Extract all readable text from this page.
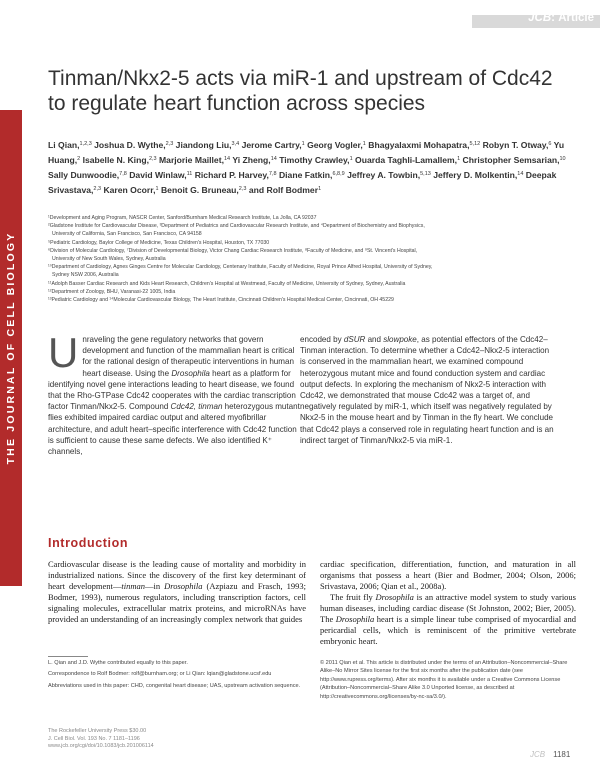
JCB: Article
THE JOURNAL OF CELL BIOLOGY
Tinman/Nkx2-5 acts via miR-1 and upstream of Cdc42 to regulate heart function across species
Li Qian,$^{1,2,3}$ Joshua D. Wythe,$^{2,3}$ Jiandong Liu,$^{3,4}$ Jerome Cartry,$^1$ Georg Vogler,$^1$ Bhagyalaxmi Mohapatra,$^{5,12}$ Robyn T. Otway,$^6$ Yu Huang,$^2$ Isabelle N. King,$^{2,3}$ Marjorie Maillet,$^{14}$ Yi Zheng,$^{14}$ Timothy Crawley,$^1$ Ouarda Taghli-Lamallem,$^1$ Christopher Semsarian,$^{10}$ Sally Dunwoodie,$^{7,8}$ David Winlaw,$^{11}$ Richard P. Harvey,$^{7,8}$ Diane Fatkin,$^{6,8,9}$ Jeffrey A. Towbin,$^{5,13}$ Jeffery D. Molkentin,$^{14}$ Deepak Srivastava,$^{2,3}$ Karen Ocorr,$^1$ Benoit G. Bruneau,$^{2,3}$ and Rolf Bodmer$^1$
¹Development and Aging Program, NASCR Center, Sanford/Burnham Medical Research Institute, La Jolla, CA 92037
²Gladstone Institute for Cardiovascular Disease, ³Department of Pediatrics and Cardiovascular Research Institute, and ⁴Department of Biochemistry and Biophysics,
University of California, San Francisco, San Francisco, CA 94158
⁵Pediatric Cardiology, Baylor College of Medicine, Texas Children's Hospital, Houston, TX 77030
⁶Division of Molecular Cardiology, ⁷Division of Developmental Biology, Victor Chang Cardiac Research Institute, ⁸Faculty of Medicine, and ⁹St. Vincent's Hospital,
University of New South Wales, Sydney, Australia
¹⁰Department of Cardiology, Agnes Ginges Centre for Molecular Cardiology, Centenary Institute, Faculty of Medicine, Royal Prince Alfred Hospital, University of Sydney,
Sydney NSW 2006, Australia
¹¹Adolph Basser Cardiac Research and Kids Heart Research, Children's Hospital at Westmead, Faculty of Medicine, University of Sydney, Sydney, Australia
¹²Department of Zoology, BHU, Varanasi-22 1005, India
¹³Pediatric Cardiology and ¹⁴Molecular Cardiovascular Biology, The Heart Institute, Cincinnati Children's Hospital Medical Center, Cincinnati, OH 45229
Unraveling the gene regulatory networks that govern development and function of the mammalian heart is critical for the rational design of therapeutic interventions in human heart disease. Using the Drosophila heart as a platform for identifying novel gene interactions leading to heart disease, we found that the Rho-GTPase Cdc42 cooperates with the cardiac transcription factor Tinman/Nkx2-5. Compound Cdc42, tinman heterozygous mutant flies exhibited impaired cardiac output and altered myofibrillar architecture, and adult heart–specific interference with Cdc42 function is sufficient to cause these same defects. We also identified K⁺ channels,
encoded by dSUR and slowpoke, as potential effectors of the Cdc42–Tinman interaction. To determine whether a Cdc42–Nkx2-5 interaction is conserved in the mammalian heart, we examined compound heterozygous mutant mice and found conduction system and cardiac output defects. In exploring the mechanism of Nkx2-5 interaction with Cdc42, we demonstrated that mouse Cdc42 was a target of, and negatively regulated by miR-1, which itself was negatively regulated by Nkx2-5 in the mouse heart and by Tinman in the fly heart. We conclude that Cdc42 plays a conserved role in regulating heart function and is an indirect target of Tinman/Nkx2-5 via miR-1.
Introduction

Cardiovascular disease is the leading cause of mortality and morbidity in industrialized nations. Since the discovery of the first key determinant of heart development—tinman—in Drosophila (Azpiazu and Frasch, 1993; Bodmer, 1993), numerous regulators, including transcription factors, cell signaling molecules, extracellular matrix proteins, and microRNAs have provided an understanding of an increasingly complex network that guides

cardiac specification, differentiation, function, and maturation in all organisms that possess a heart (Bier and Bodmer, 2004; Olson, 2006; Srivastava, 2006; Qian et al., 2008a).

The fruit fly Drosophila is an attractive model system to study various human diseases, including cardiac disease (St Johnston, 2002; Bier, 2005). The Drosophila heart is a simple linear tube comprised of myocardial and pericardial cells, which is reminiscent of the primitive vertebrate embryonic heart.

L. Qian and J.D. Wythe contributed equally to this paper.

Correspondence to Rolf Bodmer: rolf@burnham.org; or Li Qian: lqian@gladstone.ucsf.edu

Abbreviations used in this paper: CHD, congenital heart disease; UAS, upstream activation sequence.

© 2011 Qian et al. This article is distributed under the terms of an Attribution–Noncommercial–Share Alike–No Mirror Sites license for the first six months after the publication date (see http://www.rupress.org/terms). After six months it is available under a Creative Commons License (Attribution–Noncommercial–Share Alike 3.0 Unported license, as described at http://creativecommons.org/licenses/by-nc-sa/3.0/).

The Rockefeller University Press $30.00
J. Cell Biol. Vol. 193 No. 7 1181–1196
www.jcb.org/cgi/doi/10.1083/jcb.201006114
JCB 1181
